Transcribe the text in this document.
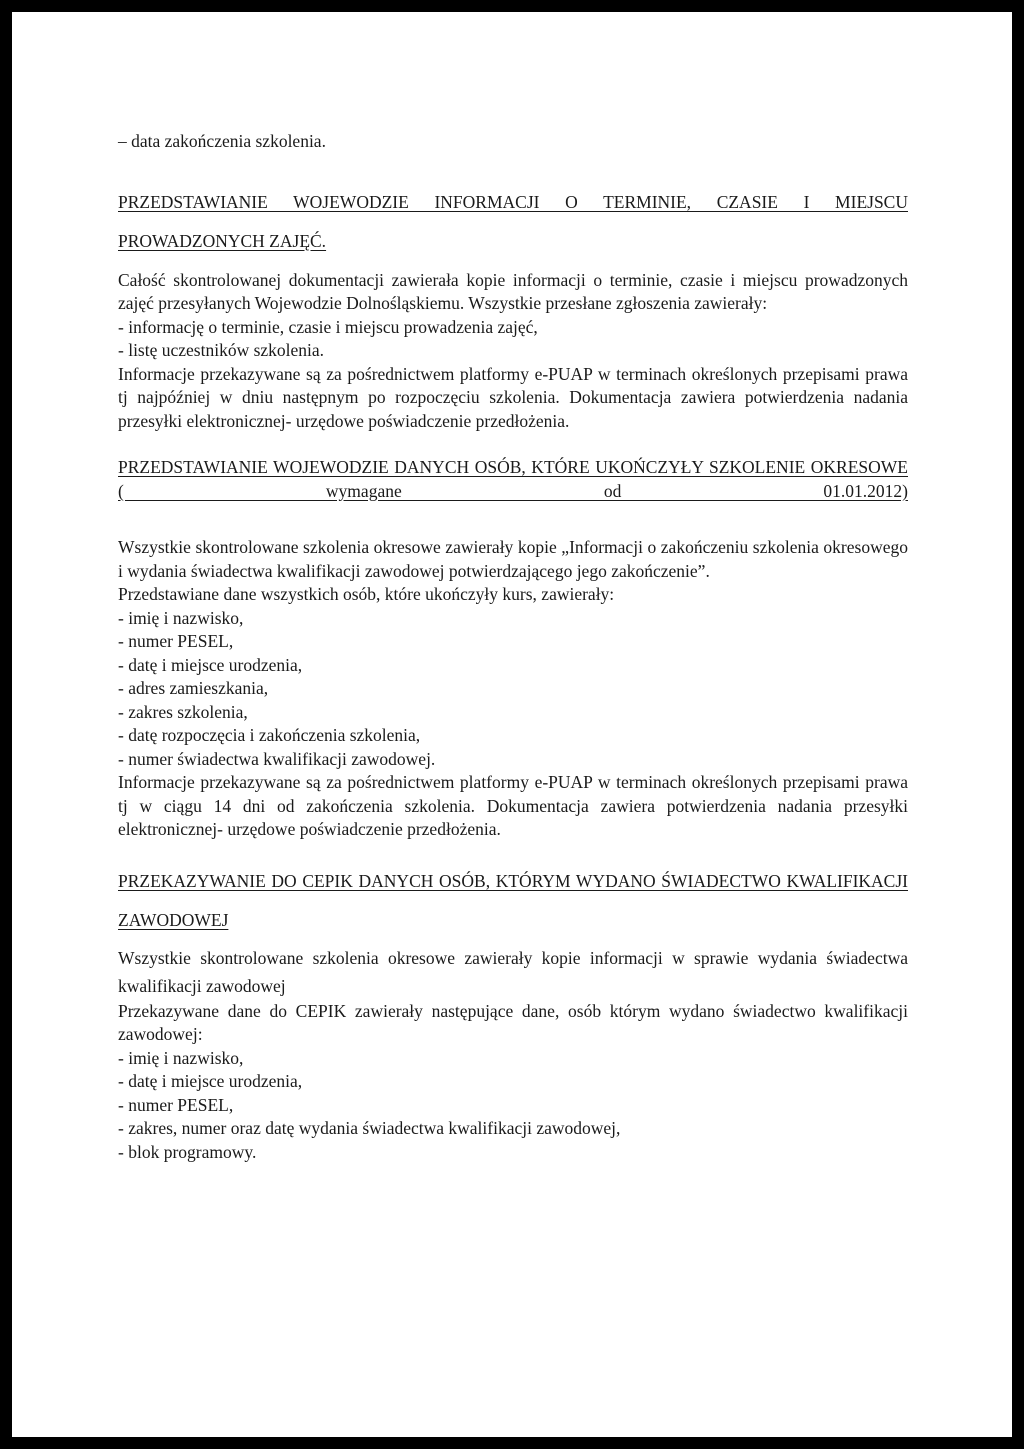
– data zakończenia szkolenia.

PRZEDSTAWIANIE WOJEWODZIE INFORMACJI O TERMINIE, CZASIE I MIEJSCU PROWADZONYCH ZAJĘĆ.

Całość skontrolowanej dokumentacji zawierała kopie informacji o terminie, czasie i miejscu prowadzonych zajęć przesyłanych Wojewodzie Dolnośląskiemu. Wszystkie przesłane zgłoszenia zawierały:

- informację o terminie, czasie i miejscu prowadzenia zajęć,
- listę uczestników szkolenia.

Informacje przekazywane są za pośrednictwem platformy e-PUAP w terminach określonych przepisami prawa tj najpóźniej w dniu następnym po rozpoczęciu szkolenia. Dokumentacja zawiera potwierdzenia nadania przesyłki elektronicznej- urzędowe poświadczenie przedłożenia.

PRZEDSTAWIANIE WOJEWODZIE DANYCH OSÓB, KTÓRE UKOŃCZYŁY SZKOLENIE OKRESOWE ( wymagane od 01.01.2012)

Wszystkie skontrolowane szkolenia okresowe zawierały kopie „Informacji o zakończeniu szkolenia okresowego i wydania świadectwa kwalifikacji zawodowej potwierdzającego jego zakończenie”.

Przedstawiane dane wszystkich osób, które ukończyły kurs, zawierały:

- imię i nazwisko,
- numer PESEL,
- datę i miejsce urodzenia,
- adres zamieszkania,
- zakres szkolenia,
- datę rozpoczęcia i zakończenia szkolenia,
- numer świadectwa kwalifikacji zawodowej.

Informacje przekazywane są za pośrednictwem platformy e-PUAP w terminach określonych przepisami prawa tj w ciągu 14 dni od zakończenia szkolenia. Dokumentacja zawiera potwierdzenia nadania przesyłki elektronicznej- urzędowe poświadczenie przedłożenia.

PRZEKAZYWANIE DO CEPIK DANYCH OSÓB, KTÓRYM WYDANO ŚWIADECTWO KWALIFIKACJI ZAWODOWEJ

Wszystkie skontrolowane szkolenia okresowe zawierały kopie informacji w sprawie wydania świadectwa kwalifikacji zawodowej

Przekazywane dane do CEPIK zawierały następujące dane, osób którym wydano świadectwo kwalifikacji zawodowej:

- imię i nazwisko,
- datę i miejsce urodzenia,
- numer PESEL,
- zakres, numer oraz datę wydania świadectwa kwalifikacji zawodowej,
- blok programowy.
